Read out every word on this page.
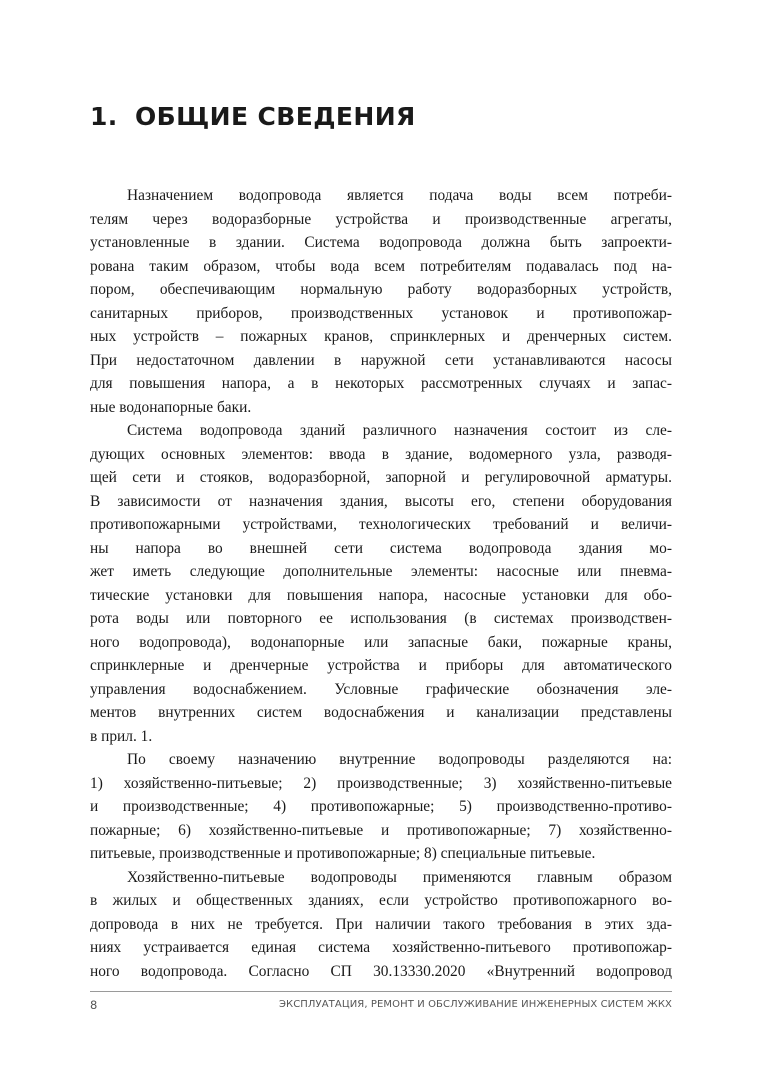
1. ОБЩИЕ СВЕДЕНИЯ
Назначением водопровода является подача воды всем потреби-
телям через водоразборные устройства и производственные агрегаты,
установленные в здании. Система водопровода должна быть запроекти-
рована таким образом, чтобы вода всем потребителям подавалась под на-
пором, обеспечивающим нормальную работу водоразборных устройств,
санитарных приборов, производственных установок и противопожар-
ных устройств – пожарных кранов, спринклерных и дренчерных систем.
При недостаточном давлении в наружной сети устанавливаются насосы
для повышения напора, а в некоторых рассмотренных случаях и запас-
ные водонапорные баки.
Система водопровода зданий различного назначения состоит из сле-
дующих основных элементов: ввода в здание, водомерного узла, разводя-
щей сети и стояков, водоразборной, запорной и регулировочной арматуры.
В зависимости от назначения здания, высоты его, степени оборудования
противопожарными устройствами, технологических требований и величи-
ны напора во внешней сети система водопровода здания мо-
жет иметь следующие дополнительные элементы: насосные или пневма-
тические установки для повышения напора, насосные установки для обо-
рота воды или повторного ее использования (в системах производствен-
ного водопровода), водонапорные или запасные баки, пожарные краны,
спринклерные и дренчерные устройства и приборы для автоматического
управления водоснабжением. Условные графические обозначения эле-
ментов внутренних систем водоснабжения и канализации представлены
в прил. 1.
По своему назначению внутренние водопроводы разделяются на:
1) хозяйственно-питьевые; 2) производственные; 3) хозяйственно-питьевые
и производственные; 4) противопожарные; 5) производственно-противо-
пожарные; 6) хозяйственно-питьевые и противопожарные; 7) хозяйственно-
питьевые, производственные и противопожарные; 8) специальные питьевые.
Хозяйственно-питьевые водопроводы применяются главным образом
в жилых и общественных зданиях, если устройство противопожарного во-
допровода в них не требуется. При наличии такого требования в этих зда-
ниях устраивается единая система хозяйственно-питьевого противопожар-
ного водопровода. Согласно СП 30.13330.2020 «Внутренний водопровод
8	ЭКСПЛУАТАЦИЯ, РЕМОНТ И ОБСЛУЖИВАНИЕ ИНЖЕНЕРНЫХ СИСТЕМ ЖКХ
